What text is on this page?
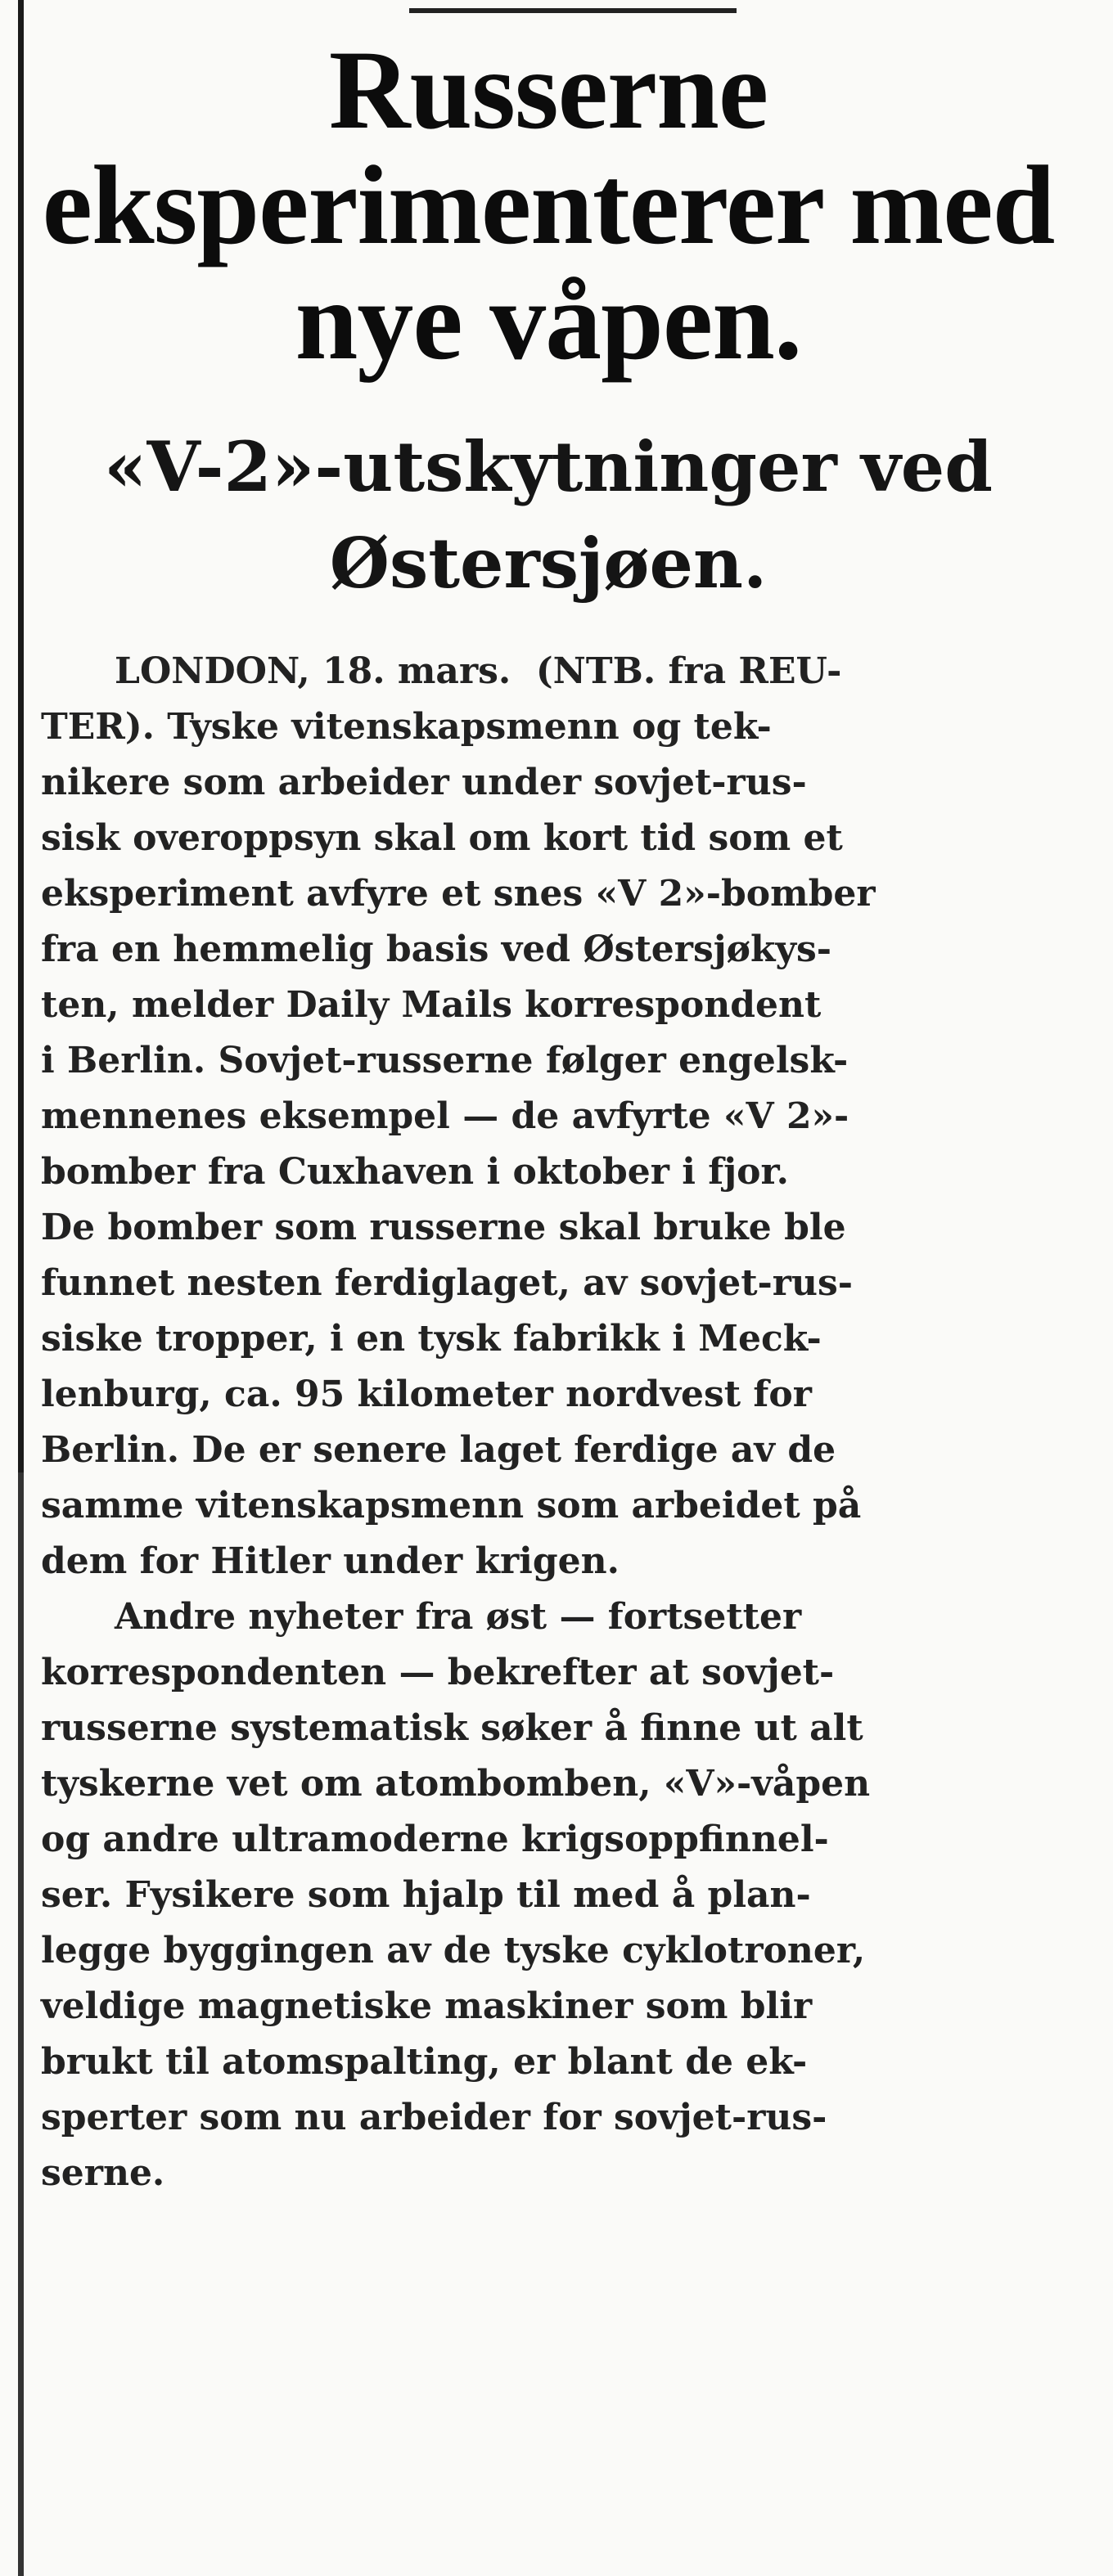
Russerne
eksperimenterer med
nye våpen.
«V-2»-utskytninger ved
Østersjøen.
LONDON, 18. mars. (NTB. fra REU-
TER). Tyske vitenskapsmenn og tek-
nikere som arbeider under sovjet-rus-
sisk overoppsyn skal om kort tid som et
eksperiment avfyre et snes «V 2»-bomber
fra en hemmelig basis ved Østersjøkys-
ten, melder Daily Mails korrespondent
i Berlin. Sovjet-russerne følger engelsk-
mennenes eksempel — de avfyrte «V 2»-
bomber fra Cuxhaven i oktober i fjor.
De bomber som russerne skal bruke ble
funnet nesten ferdiglaget, av sovjet-rus-
siske tropper, i en tysk fabrikk i Meck-
lenburg, ca. 95 kilometer nordvest for
Berlin. De er senere laget ferdige av de
samme vitenskapsmenn som arbeidet på
dem for Hitler under krigen.
Andre nyheter fra øst — fortsetter
korrespondenten — bekrefter at sovjet-
russerne systematisk søker å finne ut alt
tyskerne vet om atombomben, «V»-våpen
og andre ultramoderne krigsoppfinnel-
ser. Fysikere som hjalp til med å plan-
legge byggingen av de tyske cyklotroner,
veldige magnetiske maskiner som blir
brukt til atomspalting, er blant de ek-
sperter som nu arbeider for sovjet-rus-
serne.
